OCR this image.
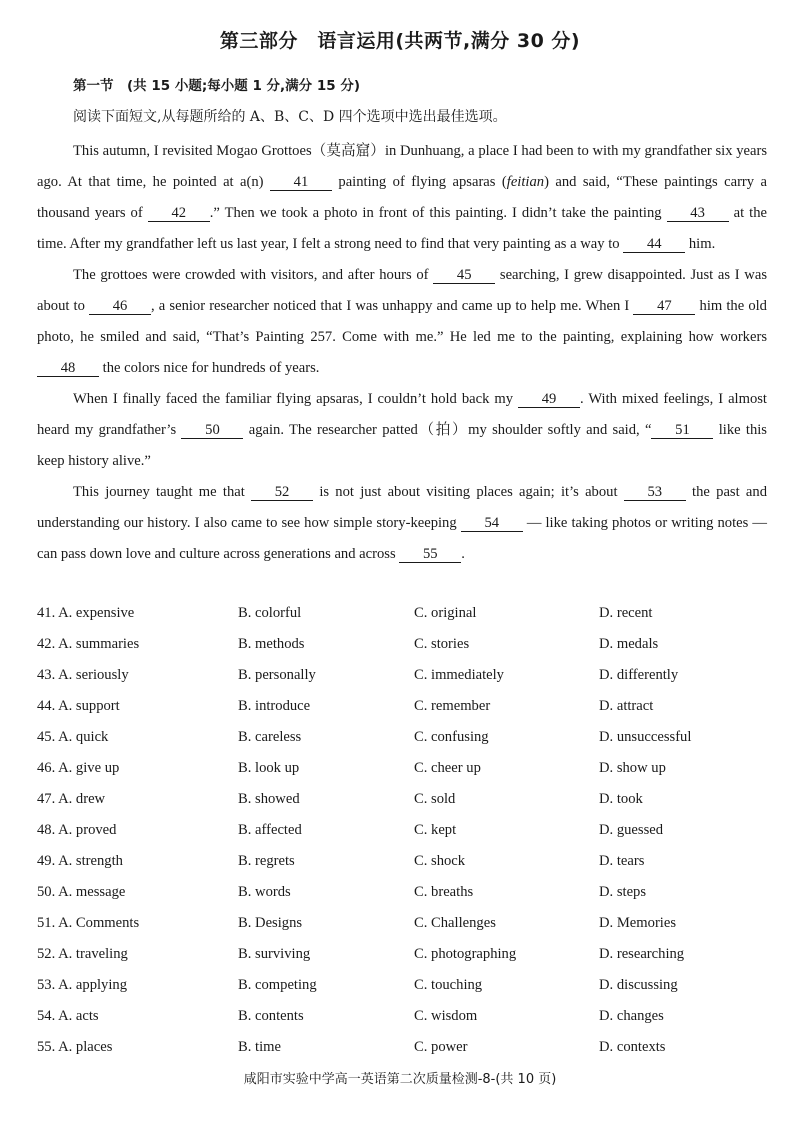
第三部分　语言运用(共两节,满分 30 分)
第一节　(共 15 小题;每小题 1 分,满分 15 分)
阅读下面短文,从每题所给的 A、B、C、D 四个选项中选出最佳选项。

This autumn, I revisited Mogao Grottoes（莫高窟）in Dunhuang, a place I had been to with my grandfather six years ago. At that time, he pointed at a(n) 41 painting of flying apsaras (feitian) and said, “These paintings carry a thousand years of 42 .” Then we took a photo in front of this painting. I didn’t take the painting 43 at the time. After my grandfather left us last year, I felt a strong need to find that very painting as a way to 44 him.

The grottoes were crowded with visitors, and after hours of 45 searching, I grew disappointed. Just as I was about to 46 , a senior researcher noticed that I was unhappy and came up to help me. When I 47 him the old photo, he smiled and said, “That’s Painting 257. Come with me.” He led me to the painting, explaining how workers 48 the colors nice for hundreds of years.

When I finally faced the familiar flying apsaras, I couldn’t hold back my 49 . With mixed feelings, I almost heard my grandfather’s 50 again. The researcher patted（拍）my shoulder softly and said, “ 51 like this keep history alive.”

This journey taught me that 52 is not just about visiting places again; it’s about 53 the past and understanding our history. I also came to see how simple story-keeping 54 — like taking photos or writing notes — can pass down love and culture across generations and across 55 .

41. A. expensive	B. colorful	C. original	D. recent
42. A. summaries	B. methods	C. stories	D. medals
43. A. seriously	B. personally	C. immediately	D. differently
44. A. support	B. introduce	C. remember	D. attract
45. A. quick	B. careless	C. confusing	D. unsuccessful
46. A. give up	B. look up	C. cheer up	D. show up
47. A. drew	B. showed	C. sold	D. took
48. A. proved	B. affected	C. kept	D. guessed
49. A. strength	B. regrets	C. shock	D. tears
50. A. message	B. words	C. breaths	D. steps
51. A. Comments	B. Designs	C. Challenges	D. Memories
52. A. traveling	B. surviving	C. photographing	D. researching
53. A. applying	B. competing	C. touching	D. discussing
54. A. acts	B. contents	C. wisdom	D. changes
55. A. places	B. time	C. power	D. contexts
咸阳市实验中学高一英语第二次质量检测-8-(共 10 页)
